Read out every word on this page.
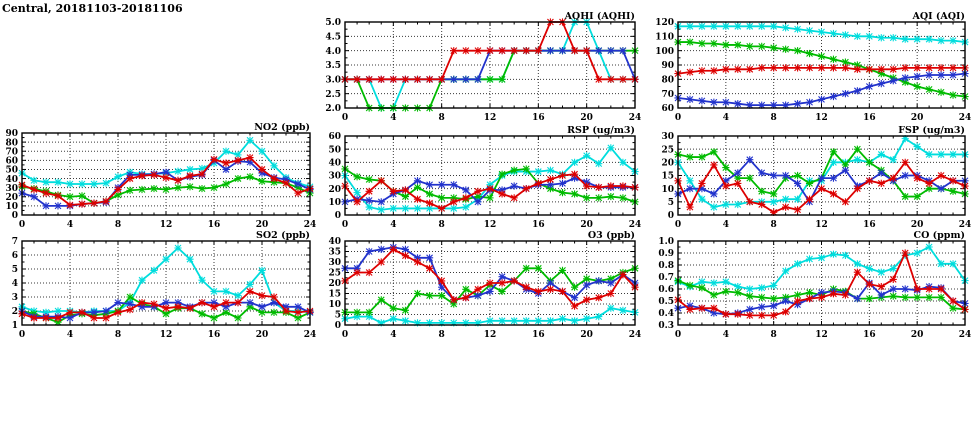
Central, 20181103-20181106
2.0
2.5
3.0
3.5
4.0
4.5
5.0
0	4	8	12	16	20	24
AQHI (AQHI)
60
70
80
90
100
110
120
0	4	8	12	16	20	24
AQI (AQI)
0
10
20
30
40
50
60
70
80
90
0	4	8	12	16	20	24
NO2 (ppb)
0
10
20
30
40
50
60
0	4	8	12	16	20	24
RSP (ug/m3)
0
5
10
15
20
25
30
0	4	8	12	16	20	24
FSP (ug/m3)
1
2
3
4
5
6
7
0	4	8	12	16	20	24
SO2 (ppb)
0
5
10
15
20
25
30
35
40
0	4	8	12	16	20	24
O3 (ppb)
0.3
0.4
0.5
0.6
0.7
0.8
0.9
1.0
0	4	8	12	16	20	24
CO (ppm)
